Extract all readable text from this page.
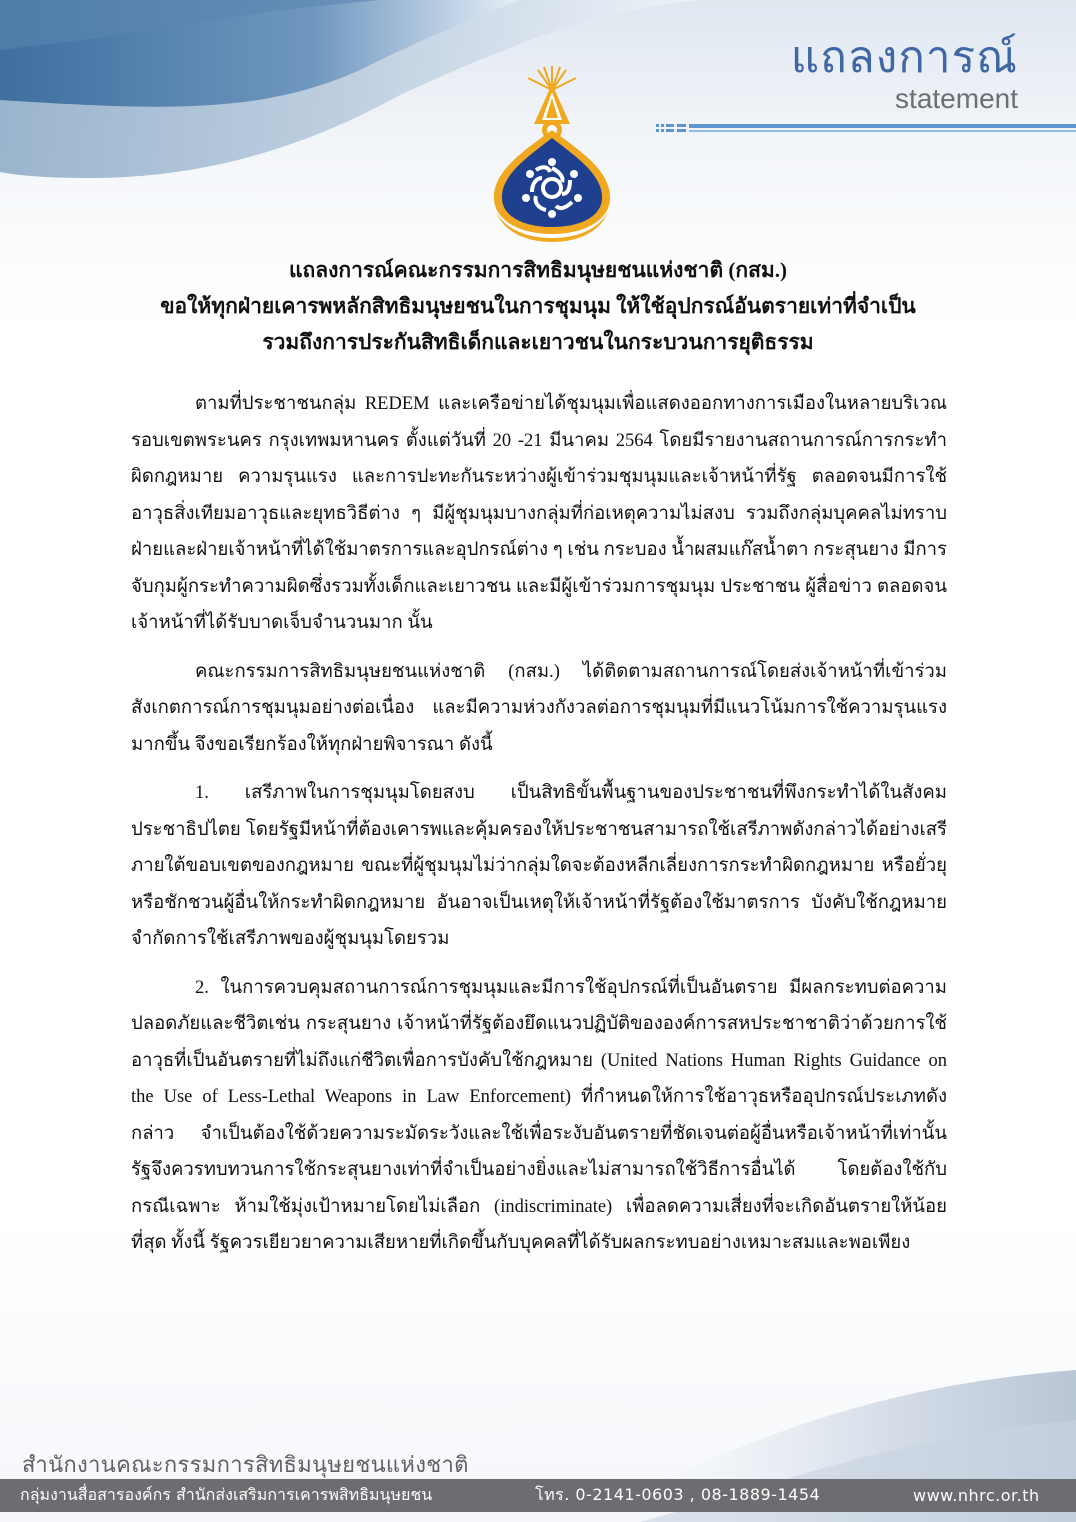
แถลงการณ์
statement
แถลงการณ์คณะกรรมการสิทธิมนุษยชนแห่งชาติ (กสม.)
ขอให้ทุกฝ่ายเคารพหลักสิทธิมนุษยชนในการชุมนุม ให้ใช้อุปกรณ์อันตรายเท่าที่จำเป็น
รวมถึงการประกันสิทธิเด็กและเยาวชนในกระบวนการยุติธรรม

ตามที่ประชาชนกลุ่ม REDEM และเครือข่ายได้ชุมนุมเพื่อแสดงออกทางการเมืองในหลายบริเวณรอบเขตพระนคร กรุงเทพมหานคร ตั้งแต่วันที่ 20 -21 มีนาคม 2564 โดยมีรายงานสถานการณ์การกระทำผิดกฎหมาย ความรุนแรง และการปะทะกันระหว่างผู้เข้าร่วมชุมนุมและเจ้าหน้าที่รัฐ ตลอดจนมีการใช้อาวุธสิ่งเทียมอาวุธและยุทธวิธีต่าง ๆ มีผู้ชุมนุมบางกลุ่มที่ก่อเหตุความไม่สงบ รวมถึงกลุ่มบุคคลไม่ทราบฝ่ายและฝ่ายเจ้าหน้าที่ได้ใช้มาตรการและอุปกรณ์ต่าง ๆ เช่น กระบอง น้ำผสมแก๊สน้ำตา กระสุนยาง มีการจับกุมผู้กระทำความผิดซึ่งรวมทั้งเด็กและเยาวชน และมีผู้เข้าร่วมการชุมนุม ประชาชน ผู้สื่อข่าว ตลอดจนเจ้าหน้าที่ได้รับบาดเจ็บจำนวนมาก นั้น

คณะกรรมการสิทธิมนุษยชนแห่งชาติ (กสม.) ได้ติดตามสถานการณ์โดยส่งเจ้าหน้าที่เข้าร่วมสังเกตการณ์การชุมนุมอย่างต่อเนื่อง และมีความห่วงกังวลต่อการชุมนุมที่มีแนวโน้มการใช้ความรุนแรงมากขึ้น จึงขอเรียกร้องให้ทุกฝ่ายพิจารณา ดังนี้

1. เสรีภาพในการชุมนุมโดยสงบ เป็นสิทธิขั้นพื้นฐานของประชาชนที่พึงกระทำได้ในสังคมประชาธิปไตย โดยรัฐมีหน้าที่ต้องเคารพและคุ้มครองให้ประชาชนสามารถใช้เสรีภาพดังกล่าวได้อย่างเสรีภายใต้ขอบเขตของกฎหมาย ขณะที่ผู้ชุมนุมไม่ว่ากลุ่มใดจะต้องหลีกเลี่ยงการกระทำผิดกฎหมาย หรือยั่วยุหรือชักชวนผู้อื่นให้กระทำผิดกฎหมาย อันอาจเป็นเหตุให้เจ้าหน้าที่รัฐต้องใช้มาตรการ บังคับใช้กฎหมายจำกัดการใช้เสรีภาพของผู้ชุมนุมโดยรวม

2. ในการควบคุมสถานการณ์การชุมนุมและมีการใช้อุปกรณ์ที่เป็นอันตราย มีผลกระทบต่อความปลอดภัยและชีวิตเช่น กระสุนยาง เจ้าหน้าที่รัฐต้องยึดแนวปฏิบัติขององค์การสหประชาชาติว่าด้วยการใช้อาวุธที่เป็นอันตรายที่ไม่ถึงแก่ชีวิตเพื่อการบังคับใช้กฎหมาย (United Nations Human Rights Guidance on the Use of Less-Lethal Weapons in Law Enforcement) ที่กำหนดให้การใช้อาวุธหรืออุปกรณ์ประเภทดังกล่าว จำเป็นต้องใช้ด้วยความระมัดระวังและใช้เพื่อระงับอันตรายที่ชัดเจนต่อผู้อื่นหรือเจ้าหน้าที่เท่านั้น รัฐจึงควรทบทวนการใช้กระสุนยางเท่าที่จำเป็นอย่างยิ่งและไม่สามารถใช้วิธีการอื่นได้ โดยต้องใช้กับกรณีเฉพาะ ห้ามใช้มุ่งเป้าหมายโดยไม่เลือก (indiscriminate) เพื่อลดความเสี่ยงที่จะเกิดอันตรายให้น้อยที่สุด ทั้งนี้ รัฐควรเยียวยาความเสียหายที่เกิดขึ้นกับบุคคลที่ได้รับผลกระทบอย่างเหมาะสมและพอเพียง

สำนักงานคณะกรรมการสิทธิมนุษยชนแห่งชาติ
กลุ่มงานสื่อสารองค์กร สำนักส่งเสริมการเคารพสิทธิมนุษยชน	โทร. 0-2141-0603 , 08-1889-1454	www.nhrc.or.th
